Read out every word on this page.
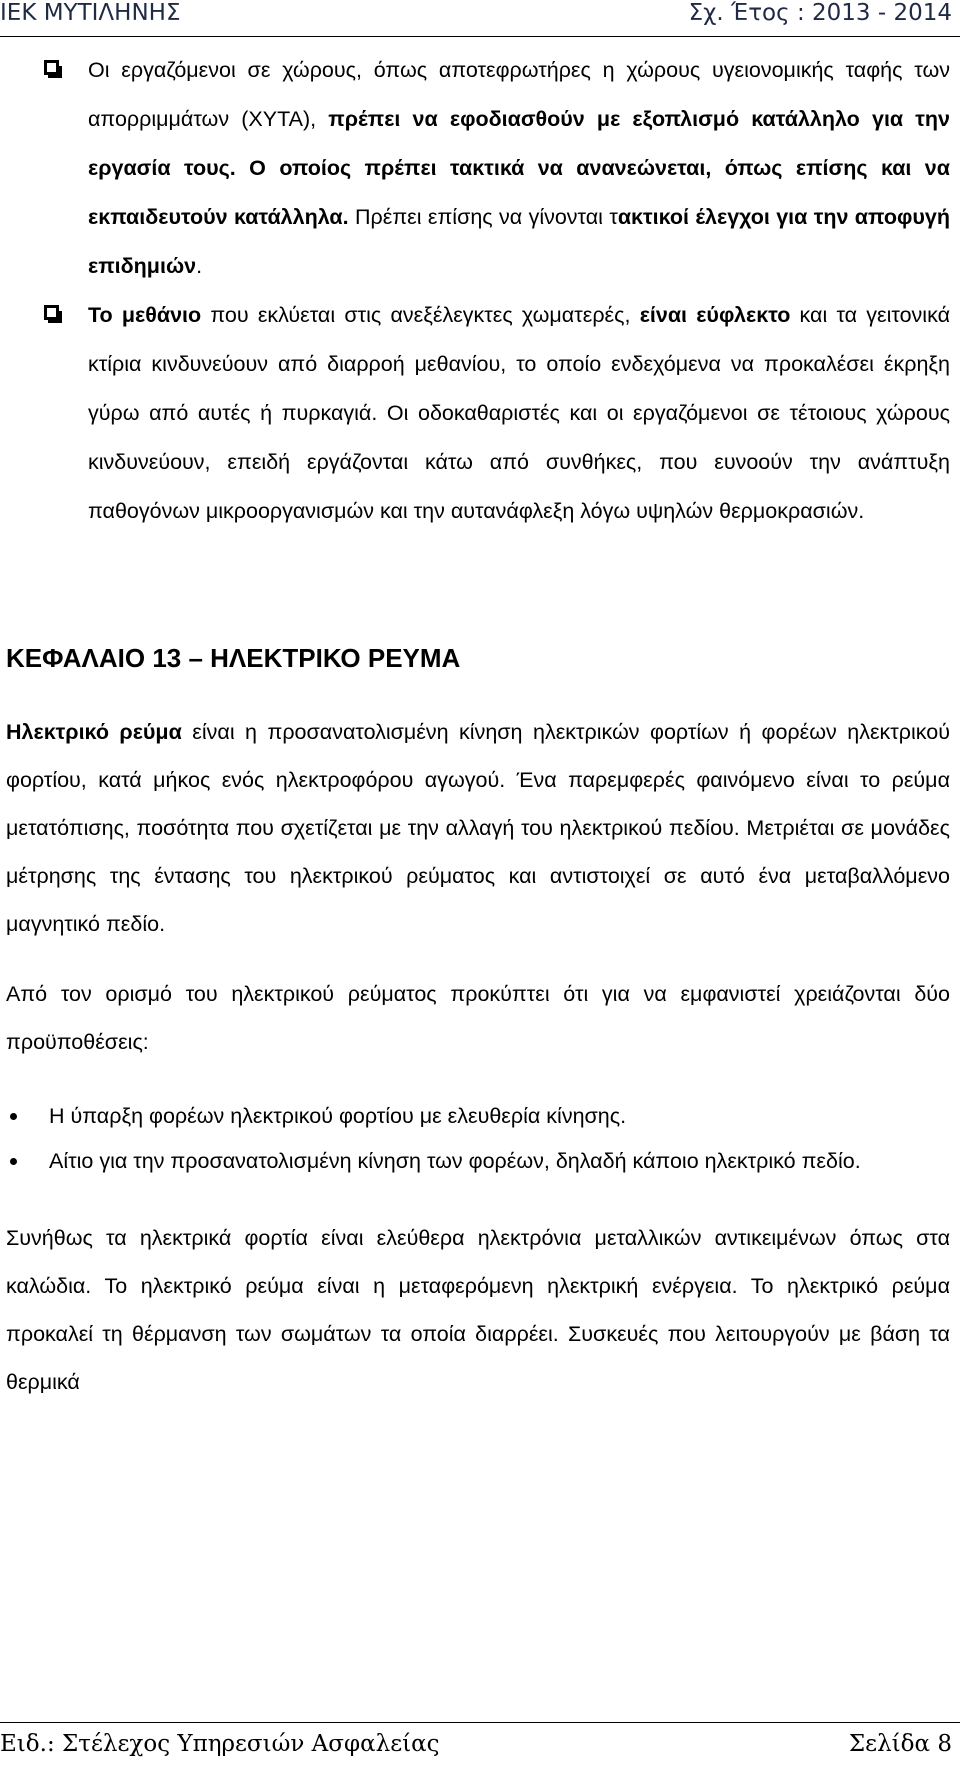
ΙΕΚ ΜΥΤΙΛΗΝΗΣ	Σχ. Έτος : 2013 - 2014
Οι εργαζόμενοι σε χώρους, όπως αποτεφρωτήρες η χώρους υγειονομικής ταφής των απορριμμάτων (ΧΥΤΑ), πρέπει να εφοδιασθούν με εξοπλισμό κατάλληλο για την εργασία τους. Ο οποίος πρέπει τακτικά να ανανεώνεται, όπως επίσης και να εκπαιδευτούν κατάλληλα. Πρέπει επίσης να γίνονται τακτικοί έλεγχοι για την αποφυγή επιδημιών.
Το μεθάνιο που εκλύεται στις ανεξέλεγκτες χωματερές, είναι εύφλεκτο και τα γειτονικά κτίρια κινδυνεύουν από διαρροή μεθανίου, το οποίο ενδεχόμενα να προκαλέσει έκρηξη γύρω από αυτές ή πυρκαγιά. Οι οδοκαθαριστές και οι εργαζόμενοι σε τέτοιους χώρους κινδυνεύουν, επειδή εργάζονται κάτω από συνθήκες, που ευνοούν την ανάπτυξη παθογόνων μικροοργανισμών και την αυτανάφλεξη λόγω υψηλών θερμοκρασιών.
ΚΕΦΑΛΑΙΟ 13 – ΗΛΕΚΤΡΙΚΟ ΡΕΥΜΑ
Ηλεκτρικό ρεύμα είναι η προσανατολισμένη κίνηση ηλεκτρικών φορτίων ή φορέων ηλεκτρικού φορτίου, κατά μήκος ενός ηλεκτροφόρου αγωγού. Ένα παρεμφερές φαινόμενο είναι το ρεύμα μετατόπισης, ποσότητα που σχετίζεται με την αλλαγή του ηλεκτρικού πεδίου. Μετριέται σε μονάδες μέτρησης της έντασης του ηλεκτρικού ρεύματος και αντιστοιχεί σε αυτό ένα μεταβαλλόμενο μαγνητικό πεδίο.
Από τον ορισμό του ηλεκτρικού ρεύματος προκύπτει ότι για να εμφανιστεί χρειάζονται δύο προϋποθέσεις:
Η ύπαρξη φορέων ηλεκτρικού φορτίου με ελευθερία κίνησης.
Αίτιο για την προσανατολισμένη κίνηση των φορέων, δηλαδή κάποιο ηλεκτρικό πεδίο.
Συνήθως τα ηλεκτρικά φορτία είναι ελεύθερα ηλεκτρόνια μεταλλικών αντικειμένων όπως στα καλώδια. Το ηλεκτρικό ρεύμα είναι η μεταφερόμενη ηλεκτρική ενέργεια. Το ηλεκτρικό ρεύμα προκαλεί τη θέρμανση των σωμάτων τα οποία διαρρέει. Συσκευές που λειτουργούν με βάση τα θερμικά
Ειδ.: Στέλεχος Υπηρεσιών Ασφαλείας	Σελίδα 8
